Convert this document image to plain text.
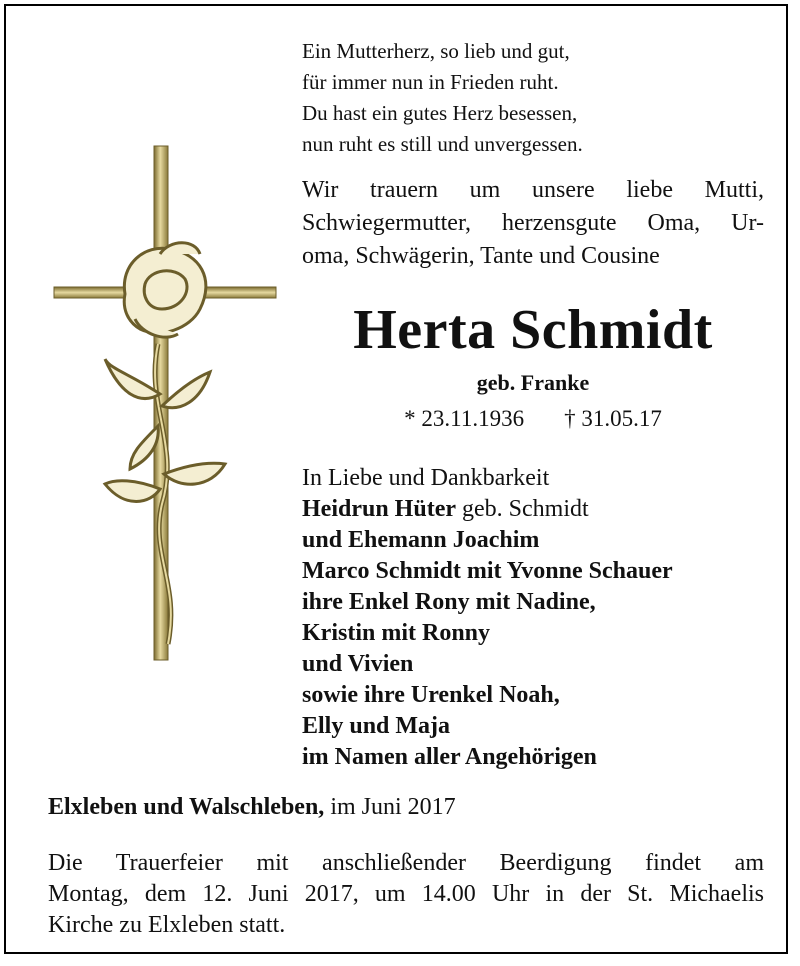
Ein Mutterherz, so lieb und gut,
für immer nun in Frieden ruht.
Du hast ein gutes Herz besessen,
nun ruht es still und unvergessen.
Wir trauern um unsere liebe Mutti,
Schwiegermutter, herzensgute Oma, Ur-
oma, Schwägerin, Tante und Cousine
Herta Schmidt
geb. Franke
* 23.11.1936 † 31.05.17
In Liebe und Dankbarkeit
Heidrun Hüter geb. Schmidt
und Ehemann Joachim
Marco Schmidt mit Yvonne Schauer
ihre Enkel Rony mit Nadine,
Kristin mit Ronny
und Vivien
sowie ihre Urenkel Noah,
Elly und Maja
im Namen aller Angehörigen
Elxleben und Walschleben, im Juni 2017
Die Trauerfeier mit anschließender Beerdigung findet am
Montag, dem 12. Juni 2017, um 14.00 Uhr in der St. Michaelis
Kirche zu Elxleben statt.
